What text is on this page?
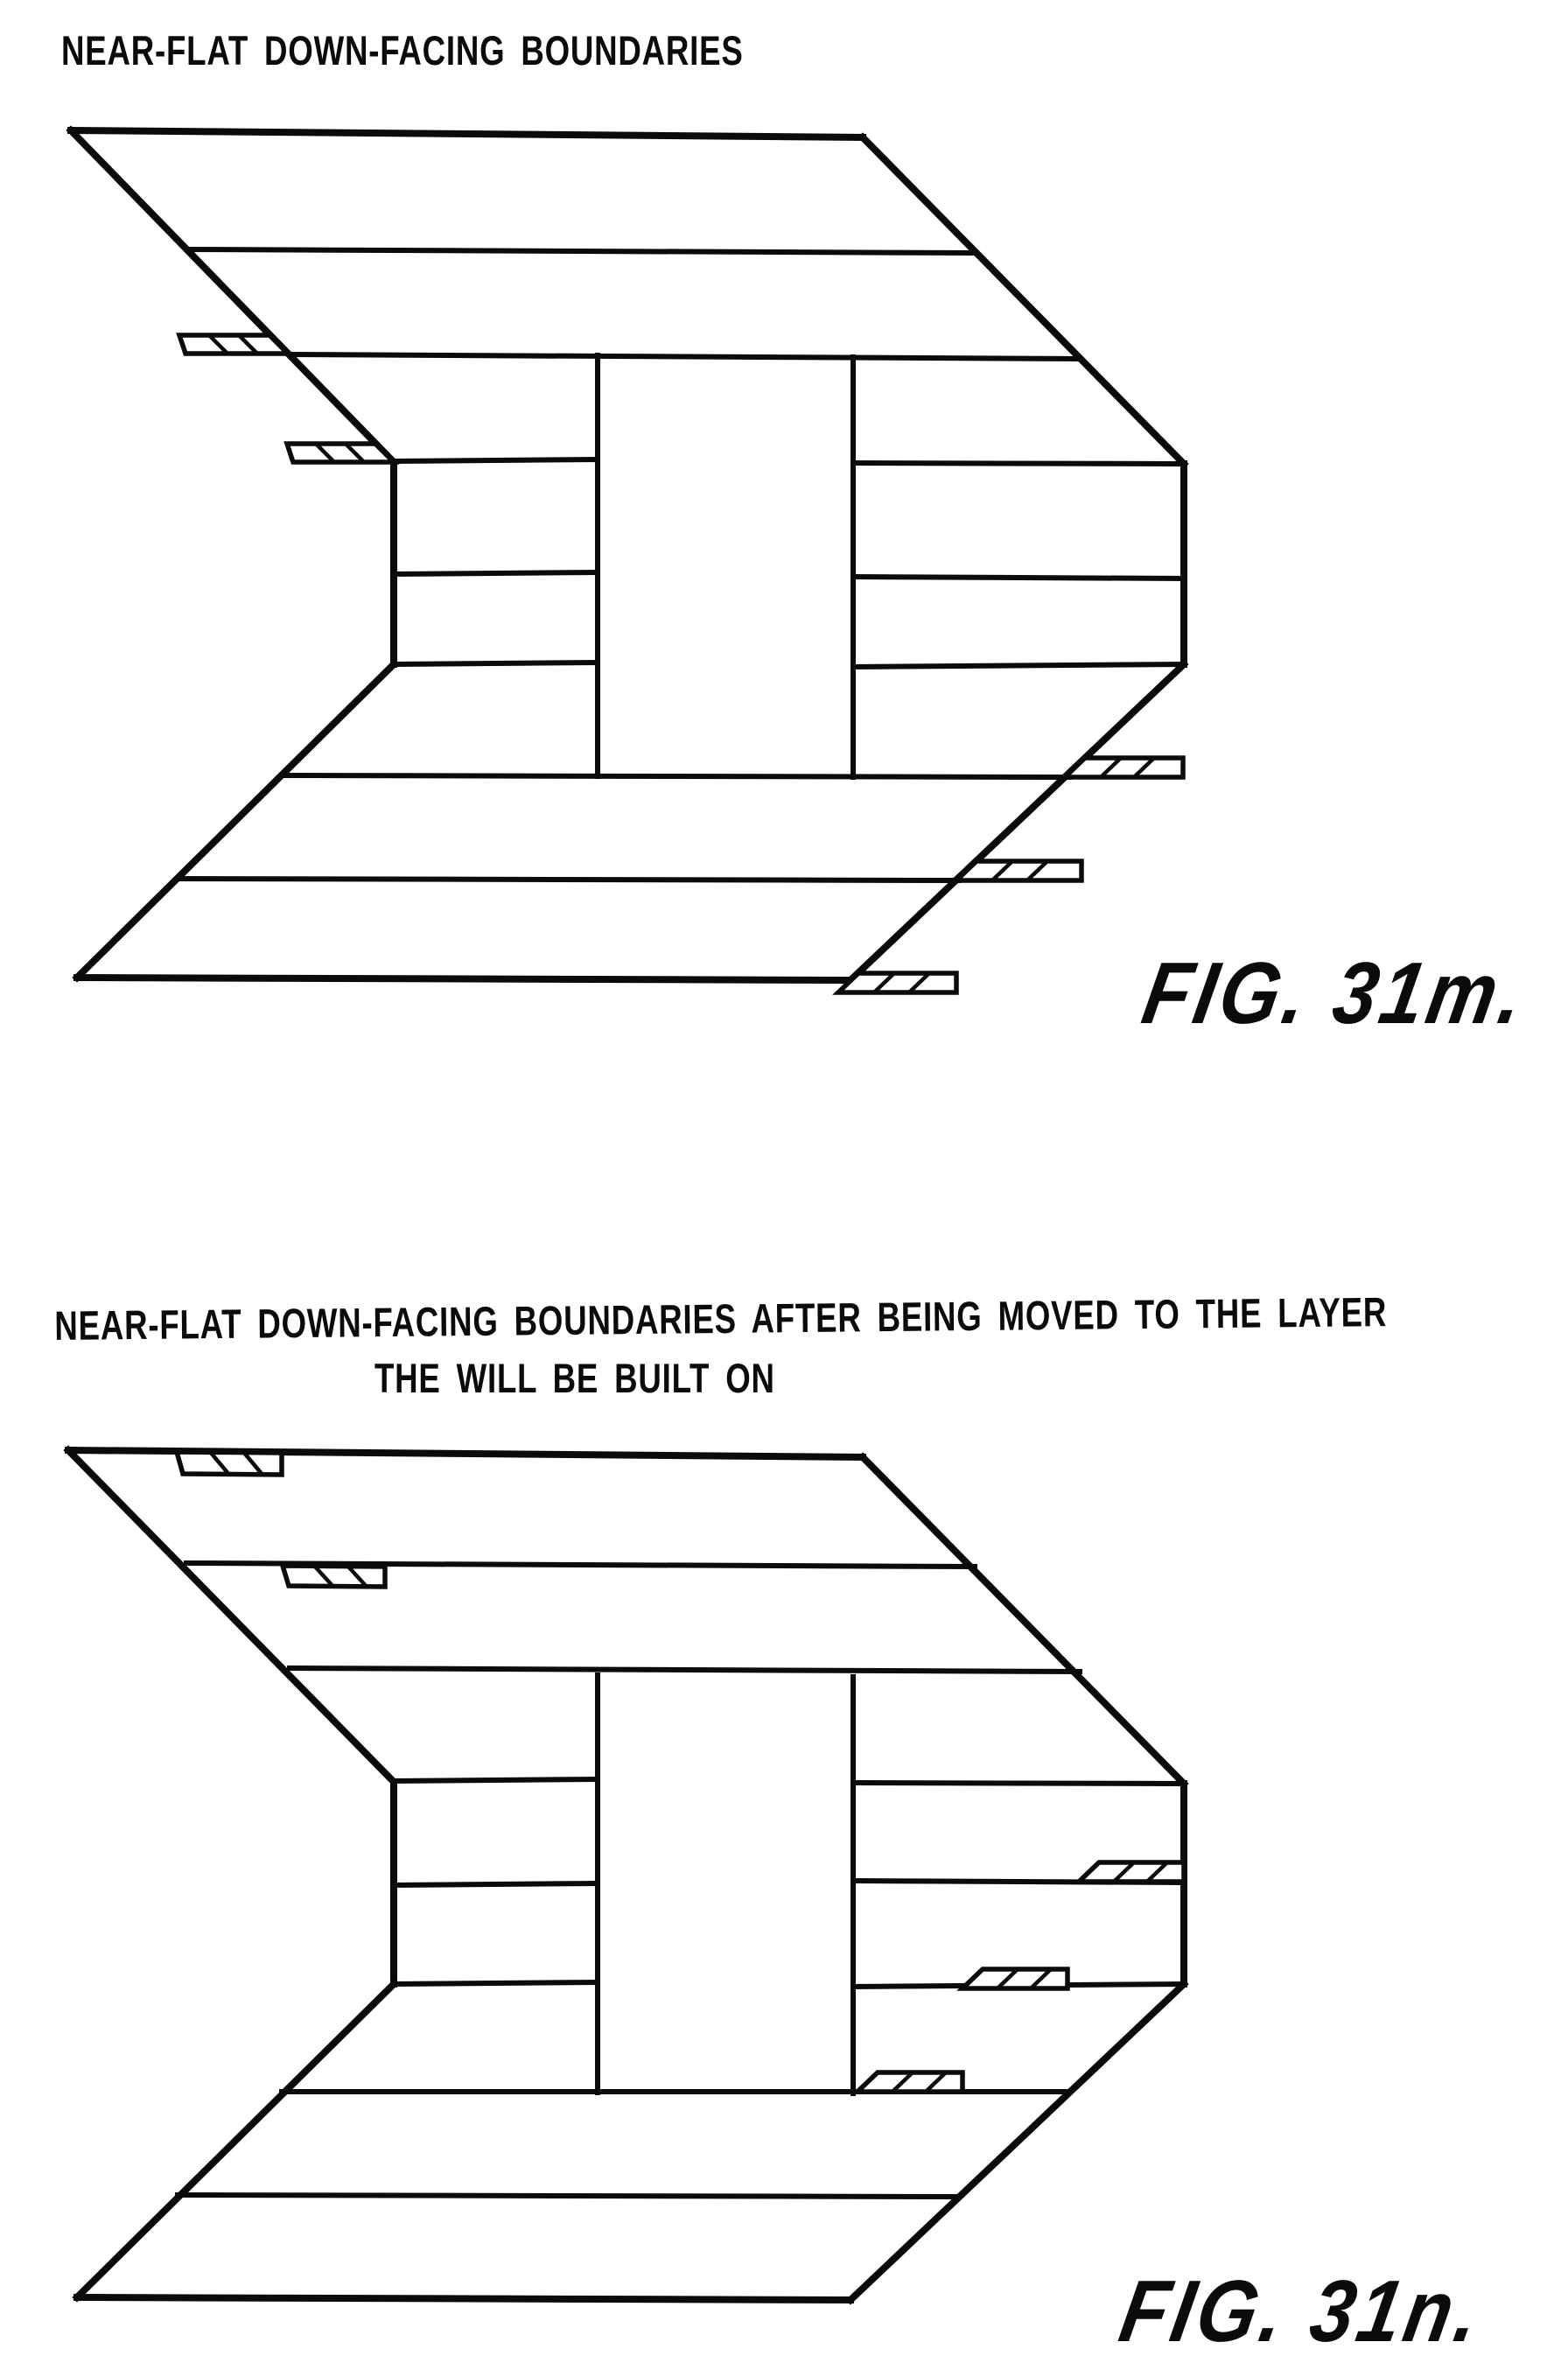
NEAR-FLAT DOWN-FACING BOUNDARIES
NEAR-FLAT DOWN-FACING BOUNDARIES AFTER BEING MOVED TO THE LAYER
THE WILL BE BUILT ON
FIG. 31m.
FIG. 31n.
